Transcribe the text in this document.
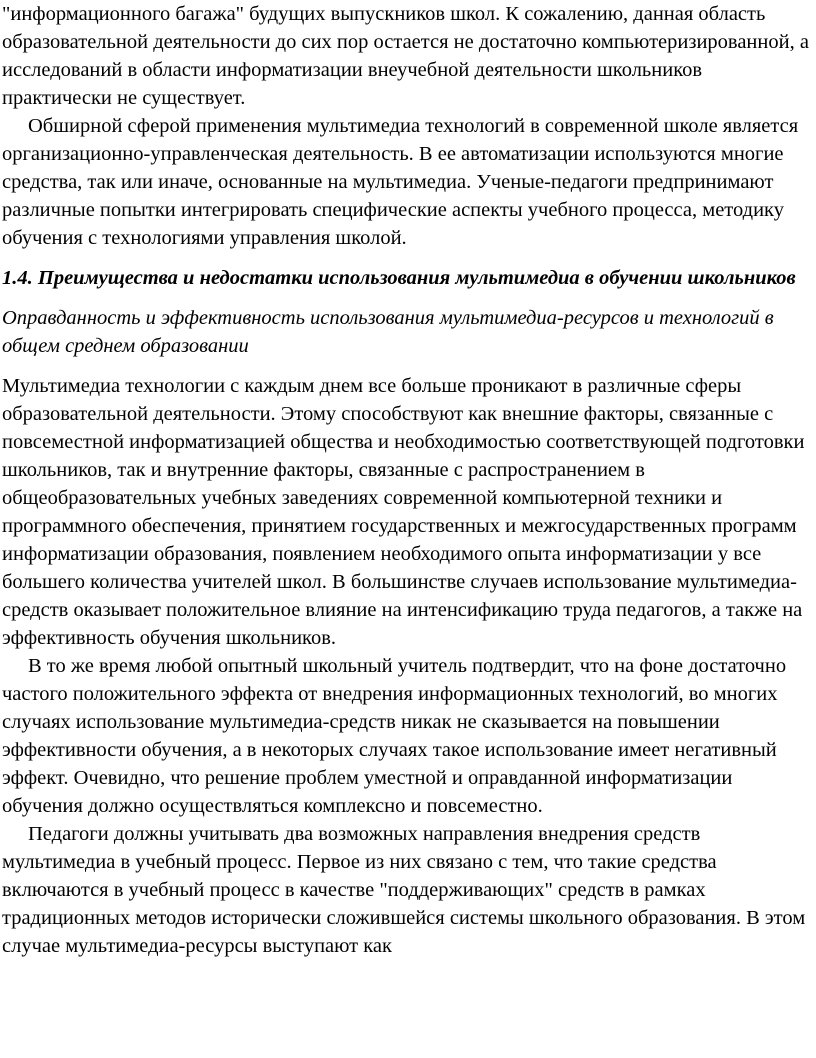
"информационного багажа" будущих выпускников школ. К сожалению, данная область образовательной деятельности до сих пор остается не достаточно компьютеризированной, а исследований в области информатизации внеучебной деятельности школьников практически не существует.

Обширной сферой применения мультимедиа технологий в современной школе является организационно-управленческая деятельность. В ее автоматизации используются многие средства, так или иначе, основанные на мультимедиа. Ученые-педагоги предпринимают различные попытки интегрировать специфические аспекты учебного процесса, методику обучения с технологиями управления школой.

1.4. Преимущества и недостатки использования мультимедиа в обучении школьников

Оправданность и эффективность использования мультимедиа-ресурсов и технологий в общем среднем образовании

Мультимедиа технологии с каждым днем все больше проникают в различные сферы образовательной деятельности. Этому способствуют как внешние факторы, связанные с повсеместной информатизацией общества и необходимостью соответствующей подготовки школьников, так и внутренние факторы, связанные с распространением в общеобразовательных учебных заведениях современной компьютерной техники и программного обеспечения, принятием государственных и межгосударственных программ информатизации образования, появлением необходимого опыта информатизации у все большего количества учителей школ. В большинстве случаев использование мультимедиа-средств оказывает положительное влияние на интенсификацию труда педагогов, а также на эффективность обучения школьников.

В то же время любой опытный школьный учитель подтвердит, что на фоне достаточно частого положительного эффекта от внедрения информационных технологий, во многих случаях использование мультимедиа-средств никак не сказывается на повышении эффективности обучения, а в некоторых случаях такое использование имеет негативный эффект. Очевидно, что решение проблем уместной и оправданной информатизации обучения должно осуществляться комплексно и повсеместно.

Педагоги должны учитывать два возможных направления внедрения средств мультимедиа в учебный процесс. Первое из них связано с тем, что такие средства включаются в учебный процесс в качестве "поддерживающих" средств в рамках традиционных методов исторически сложившейся системы школьного образования. В этом случае мультимедиа-ресурсы выступают как
